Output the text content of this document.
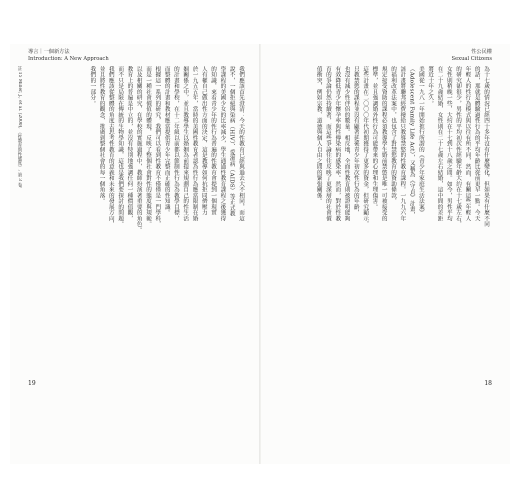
導言｜一個新方法
Introduction: A New Approach
註 15 Miller, J., et al. (2000), 《性教育與性態度》, 第 3 卷。	我們應該首先澄清：今天的性教育已經與過去大不相同，而這
說不，一個拒絕與染病（HIV）、愛滋病（AIDS）等正式教
學課程的美國少女的比率減少，學生通過性教育課程之後獲得
的知識，來看青少年的性行為普遍的性教育會提到一個現實
人有權自己做出性方面的決定，這是教導如何抗拒同儕壓力
於一九五五年，當時的美國性教育者認為性行為應當限制在婚
姻關係之中，並且教導學生以婚姻為前提來規劃自己的性生活
的計畫和學校，在十二年級以前都以節制性行為為教學目標，
而整體的計畫和教材應當提供青少年完整而正確的性知識。
根據這一系列的研究，我們可以看到性教育不僅僅是一門學科，
而是一種社會價值的體現，反映了整個社會對性的態度與規範。
以及相關的研究，在學校的實施過程中，教師扮演著重要的角色。
教育上的普遍是中立的，並沒有特別地強調任何一種價值觀，
而不只是局限在傳統的生物學知識，這也是我們要探討的問題。
我們應該從整體的角度去思考性教育的意義和未來的發展方向，
並且將性教育的觀念，推廣到整個社會的每一個角落。
我們的一部分。
19
性公民權
Sexual Citizens
為十七歲的情況已經四十多年沒有什麼變化，但如果有什麼不同
的話，那就是體驗過性行為的平均年齡比從前更早一點。今天
年輕人的性行為模式與以往有所不同，然而，有關這些年輕人
的研究卻很少，男性的平均初次性經驗年齡大約在十七歲左右，
女性則稍晚一些，大約在十七到十八歲之間。如今，男性平均
在二十九歲結婚，女性則在二十七歲左右結婚，這中間的差距
將近十年之久。
美國從一九八一年開始推行所謂的《青少年家庭生活法案》
（Adolescent Family Life Act），又稱為《守貞》計畫，
該計畫將聯邦經費撥給只教導禁慾的性教育課程。一九九六年
的福利改革法案中，也包含了對禁慾教育的資助條款，
規定接受資助的課程必須教導學生婚前禁慾是唯一可被接受的
標準，並且強調婚外性行為可能帶來的心理和生理傷害。
這些計畫在二〇〇〇年代初期獲得了更多的資金，但研究顯示，
只教禁慾的課程並沒有顯著延後青少年初次性行為的年齡，
也沒有減少性伴侶的數量。相反地，全面性教育則被證明能夠
有效降低青少年懷孕率與性傳染病的感染率。然而，對於性教
育的爭論仍然持續著，而這些爭論往往反映了更深層的社會價
值衝突，例如宗教、道德與個人自由之間的緊張關係。
18
